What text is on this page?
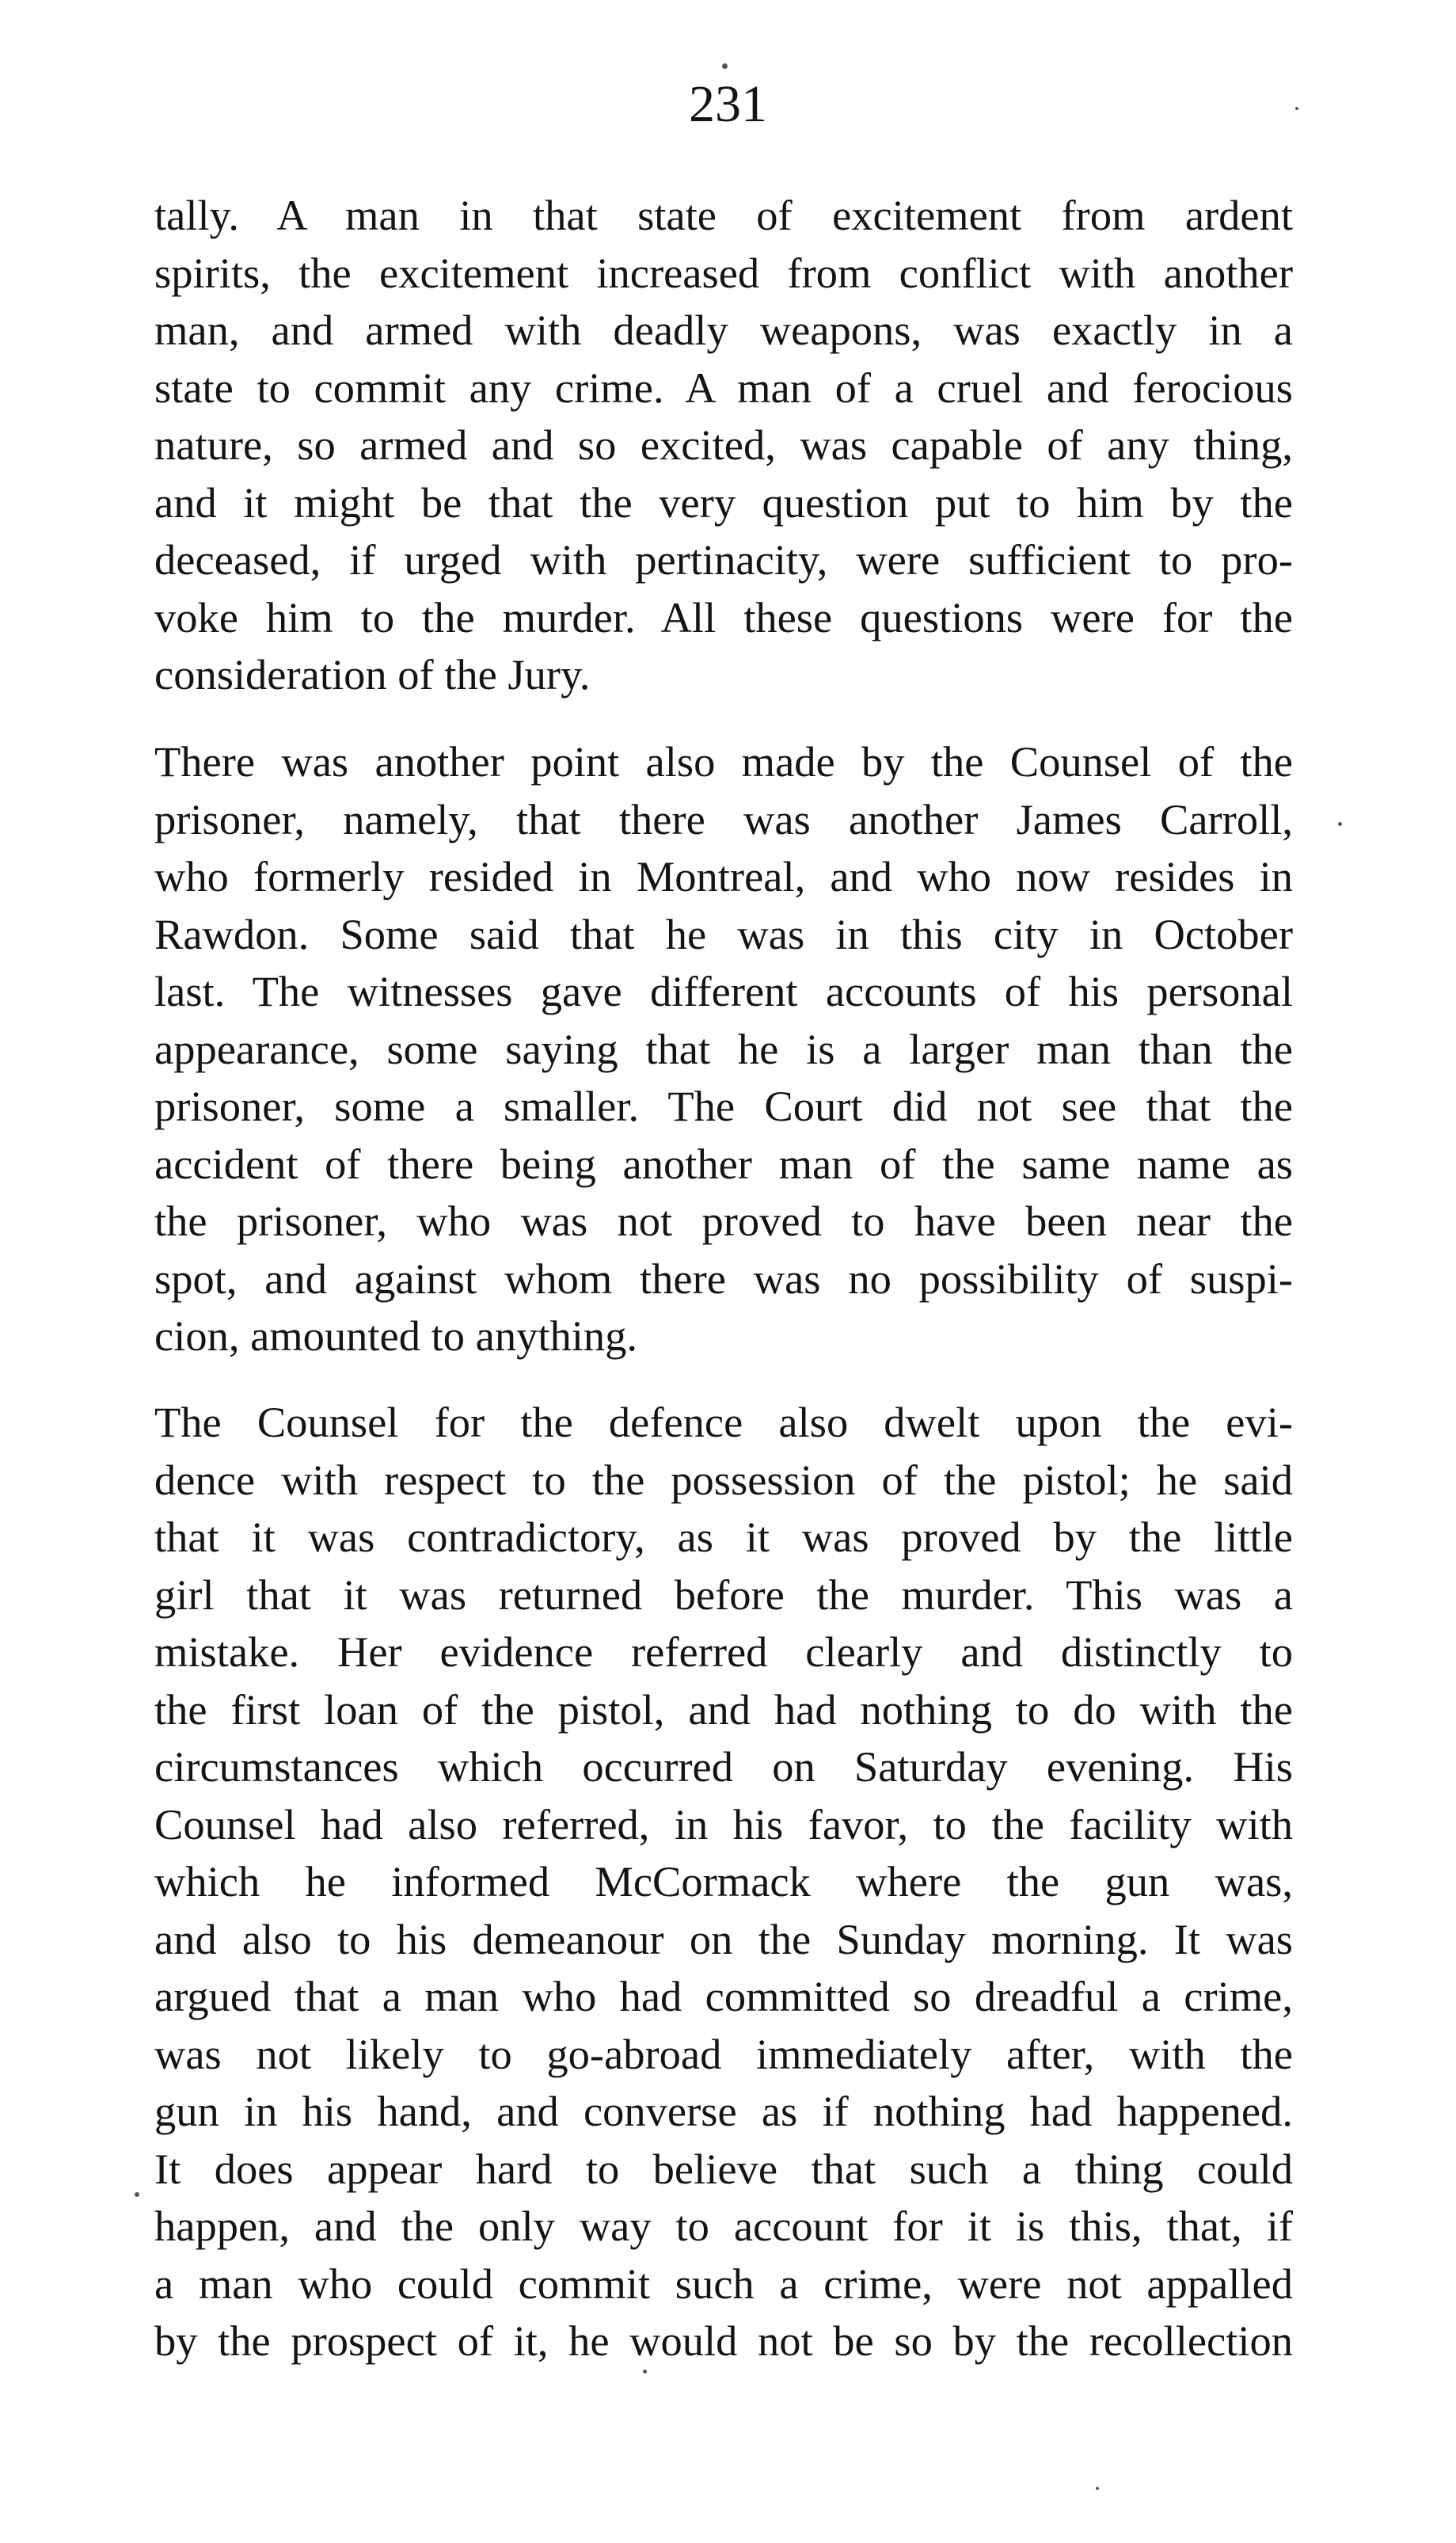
231
tally. A man in that state of excitement from ardent
spirits, the excitement increased from conflict with another
man, and armed with deadly weapons, was exactly in a
state to commit any crime. A man of a cruel and ferocious
nature, so armed and so excited, was capable of any thing,
and it might be that the very question put to him by the
deceased, if urged with pertinacity, were sufficient to pro-
voke him to the murder. All these questions were for the
consideration of the Jury.
There was another point also made by the Counsel of the
prisoner, namely, that there was another James Carroll,
who formerly resided in Montreal, and who now resides in
Rawdon. Some said that he was in this city in October
last. The witnesses gave different accounts of his personal
appearance, some saying that he is a larger man than the
prisoner, some a smaller. The Court did not see that the
accident of there being another man of the same name as
the prisoner, who was not proved to have been near the
spot, and against whom there was no possibility of suspi-
cion, amounted to anything.
The Counsel for the defence also dwelt upon the evi-
dence with respect to the possession of the pistol; he said
that it was contradictory, as it was proved by the little
girl that it was returned before the murder. This was a
mistake. Her evidence referred clearly and distinctly to
the first loan of the pistol, and had nothing to do with the
circumstances which occurred on Saturday evening. His
Counsel had also referred, in his favor, to the facility with
which he informed McCormack where the gun was,
and also to his demeanour on the Sunday morning. It was
argued that a man who had committed so dreadful a crime,
was not likely to go-abroad immediately after, with the
gun in his hand, and converse as if nothing had happened.
It does appear hard to believe that such a thing could
happen, and the only way to account for it is this, that, if
a man who could commit such a crime, were not appalled
by the prospect of it, he would not be so by the recollection
